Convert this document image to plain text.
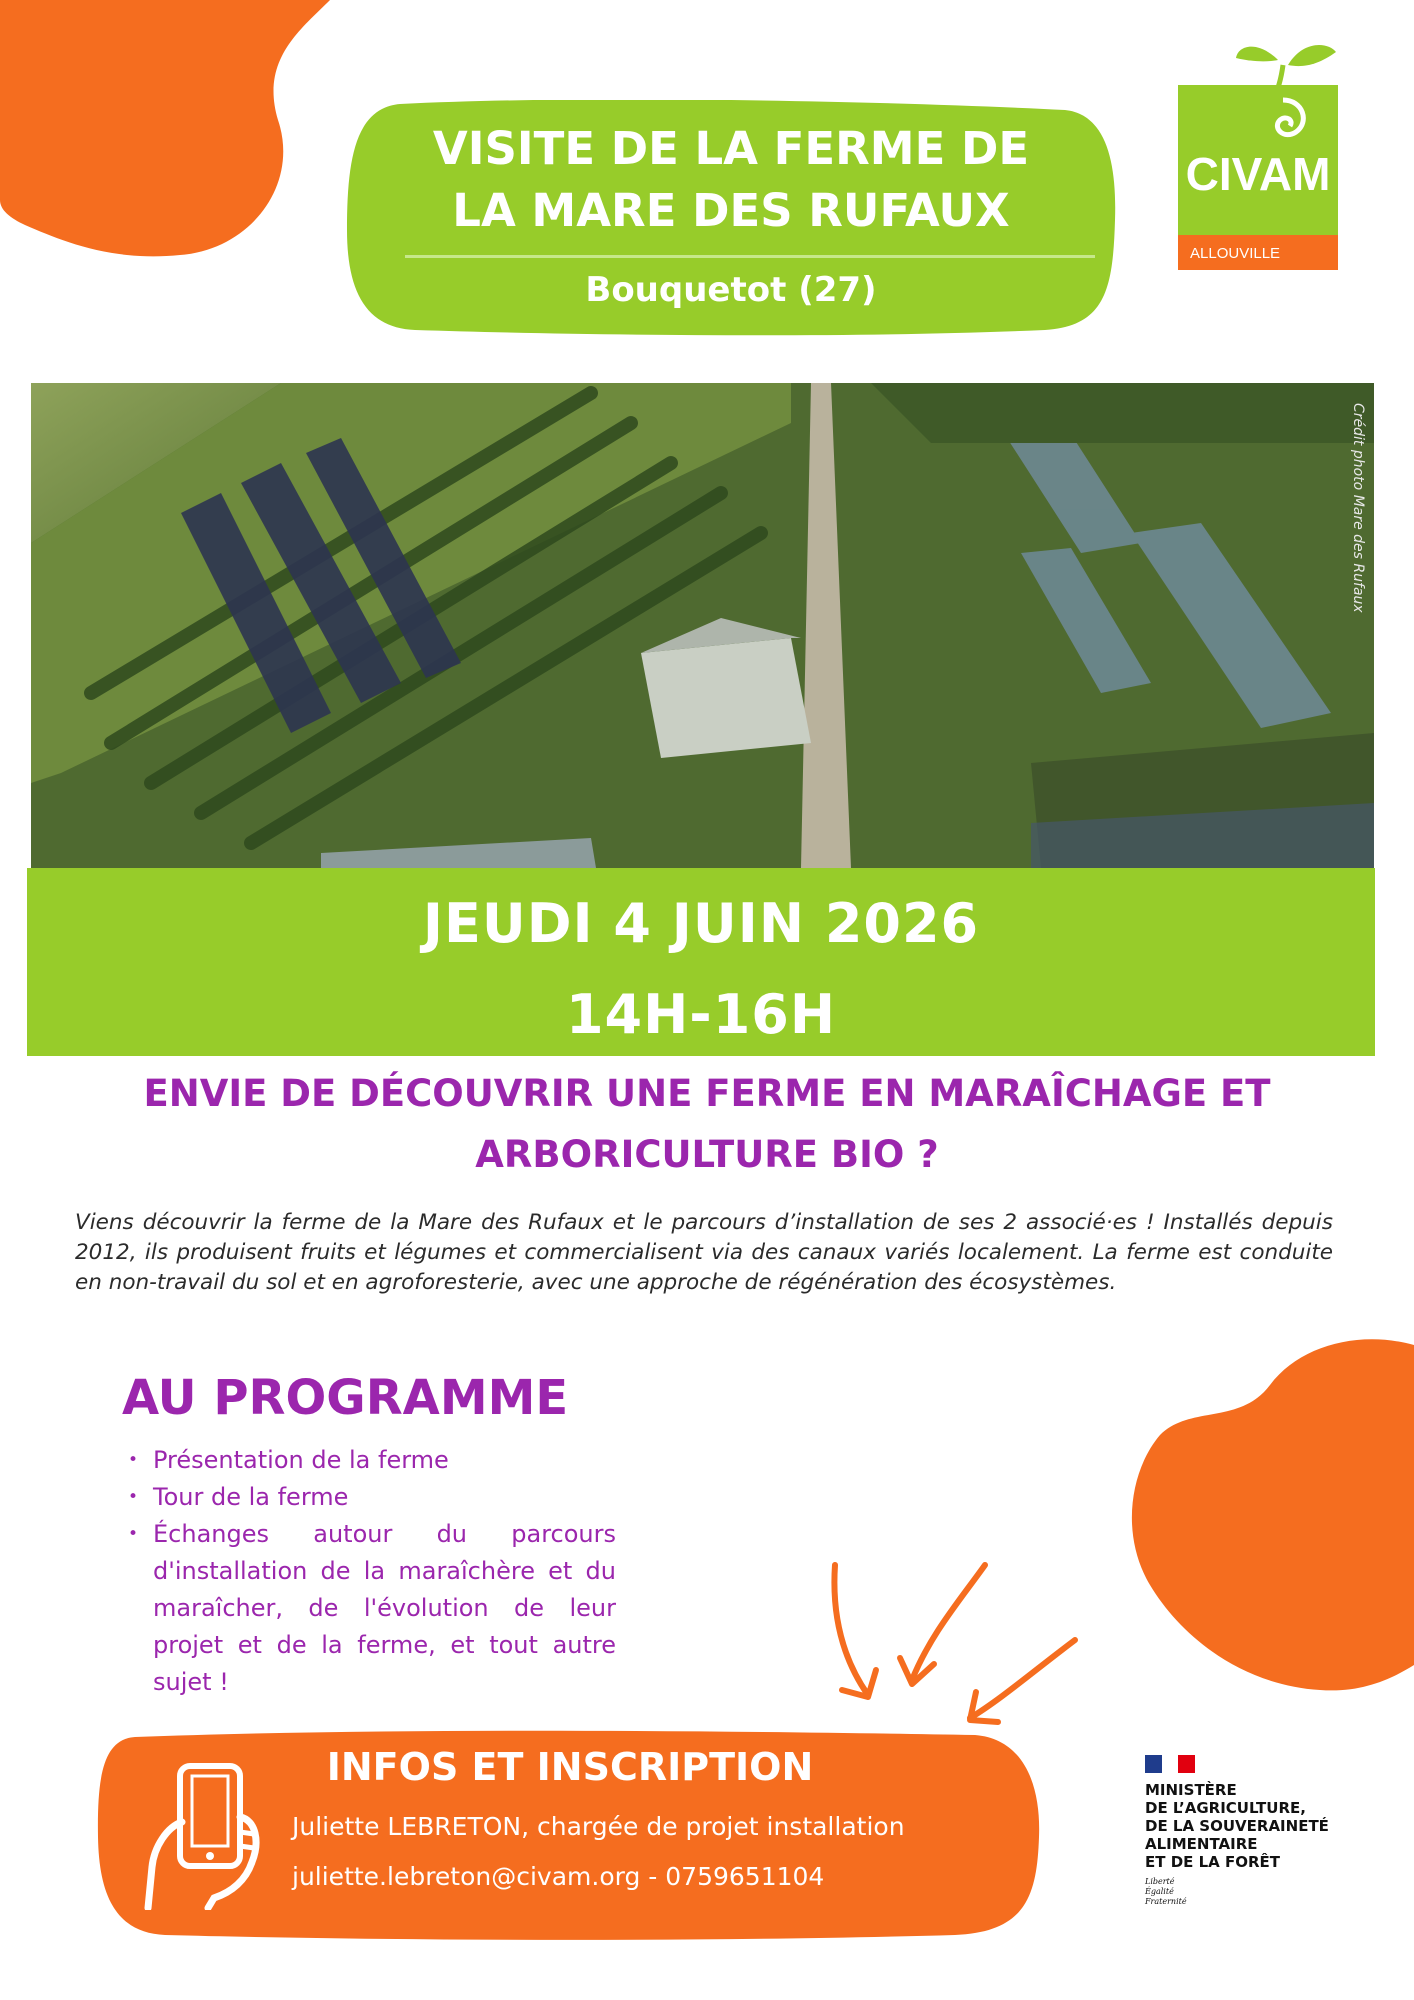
VISITE DE LA FERME DE
LA MARE DES RUFAUX
Bouquetot (27)
CIVAM
ALLOUVILLE
Crédit photo Mare des Rufaux
JEUDI 4 JUIN 2026
14H-16H
ENVIE DE DÉCOUVRIR UNE FERME EN MARAÎCHAGE ET
ARBORICULTURE BIO ?
Viens découvrir la ferme de la Mare des Rufaux et le parcours d’installation de ses 2 associé·es ! Installés depuis 2012, ils produisent fruits et légumes et commercialisent via des canaux variés localement. La ferme est conduite en non-travail du sol et en agroforesterie, avec une approche de régénération des écosystèmes.
AU PROGRAMME
• Présentation de la ferme
• Tour de la ferme
• Échanges autour du parcours d'installation de la maraîchère et du maraîcher, de l'évolution de leur projet et de la ferme, et tout autre sujet !
INFOS ET INSCRIPTION
Juliette LEBRETON, chargée de projet installation
juliette.lebreton@civam.org - 0759651104
MINISTÈRE
DE L’AGRICULTURE,
DE LA SOUVERAINETÉ
ALIMENTAIRE
ET DE LA FORÊT
Liberté
Égalité
Fraternité
